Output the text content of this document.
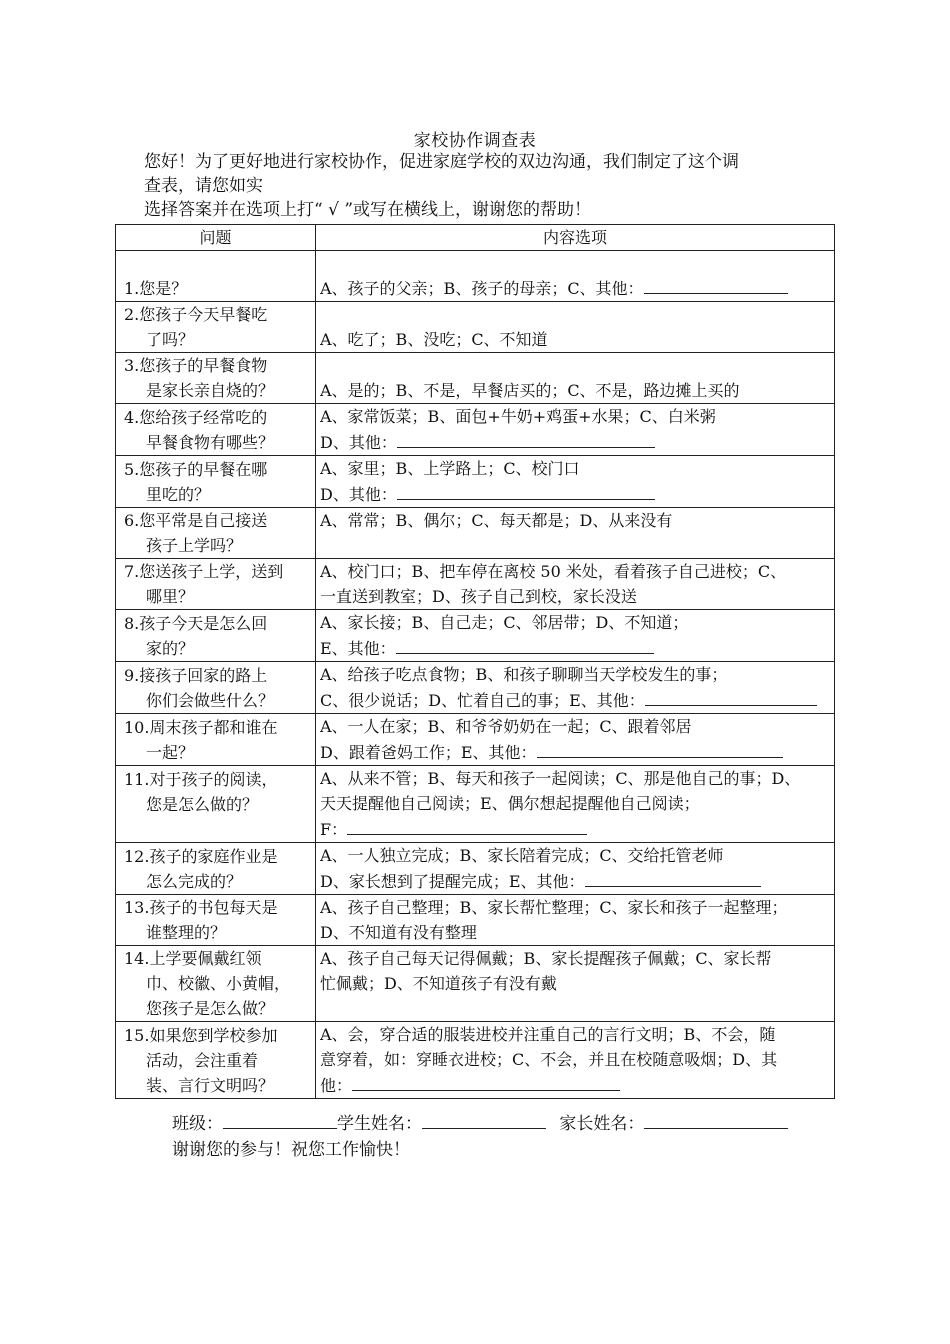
家校协作调查表

您好！为了更好地进行家校协作，促进家庭学校的双边沟通，我们制定了这个调

查表，请您如实

选择答案并在选项上打“ √ ”或写在横线上，谢谢您的帮助！

问题	内容选项

1.您是？	A、孩子的父亲；B、孩子的母亲；C、其他：

2.您孩子今天早餐吃
了吗？	A、吃了；B、没吃；C、不知道

3.您孩子的早餐食物
是家长亲自烧的？	A、是的；B、不是，早餐店买的；C、不是，路边摊上买的

4.您给孩子经常吃的
早餐食物有哪些？	A、家常饭菜；B、面包+牛奶+鸡蛋+水果；C、白米粥
D、其他：

5.您孩子的早餐在哪
里吃的？	A、家里；B、上学路上；C、校门口
D、其他：

6.您平常是自己接送
孩子上学吗？	A、常常；B、偶尔；C、每天都是；D、从来没有

7.您送孩子上学，送到
哪里？	A、校门口；B、把车停在离校 50 米处，看着孩子自己进校；C、
一直送到教室；D、孩子自己到校，家长没送

8.孩子今天是怎么回
家的？	A、家长接；B、自己走；C、邻居带；D、不知道；
E、其他：

9.接孩子回家的路上
你们会做些什么？	A、给孩子吃点食物；B、和孩子聊聊当天学校发生的事；
C、很少说话；D、忙着自己的事；E、其他：

10.周末孩子都和谁在
一起？	A、一人在家；B、和爷爷奶奶在一起；C、跟着邻居
D、跟着爸妈工作；E、其他：

11.对于孩子的阅读，
您是怎么做的？	A、从来不管；B、每天和孩子一起阅读；C、那是他自己的事；D、
天天提醒他自己阅读；E、偶尔想起提醒他自己阅读；
F：

12.孩子的家庭作业是
怎么完成的？	A、一人独立完成；B、家长陪着完成；C、交给托管老师
D、家长想到了提醒完成；E、其他：

13.孩子的书包每天是
谁整理的？	A、孩子自己整理；B、家长帮忙整理；C、家长和孩子一起整理；
D、不知道有没有整理

14.上学要佩戴红领
巾、校徽、小黄帽，
您孩子是怎么做？	A、孩子自己每天记得佩戴；B、家长提醒孩子佩戴；C、家长帮
忙佩戴；D、不知道孩子有没有戴

15.如果您到学校参加
活动，会注重着
装、言行文明吗？	A、会，穿合适的服装进校并注重自己的言行文明；B、不会，随
意穿着，如：穿睡衣进校；C、不会，并且在校随意吸烟；D、其
他：
班级：	学生姓名：	家长姓名：
谢谢您的参与！祝您工作愉快！
